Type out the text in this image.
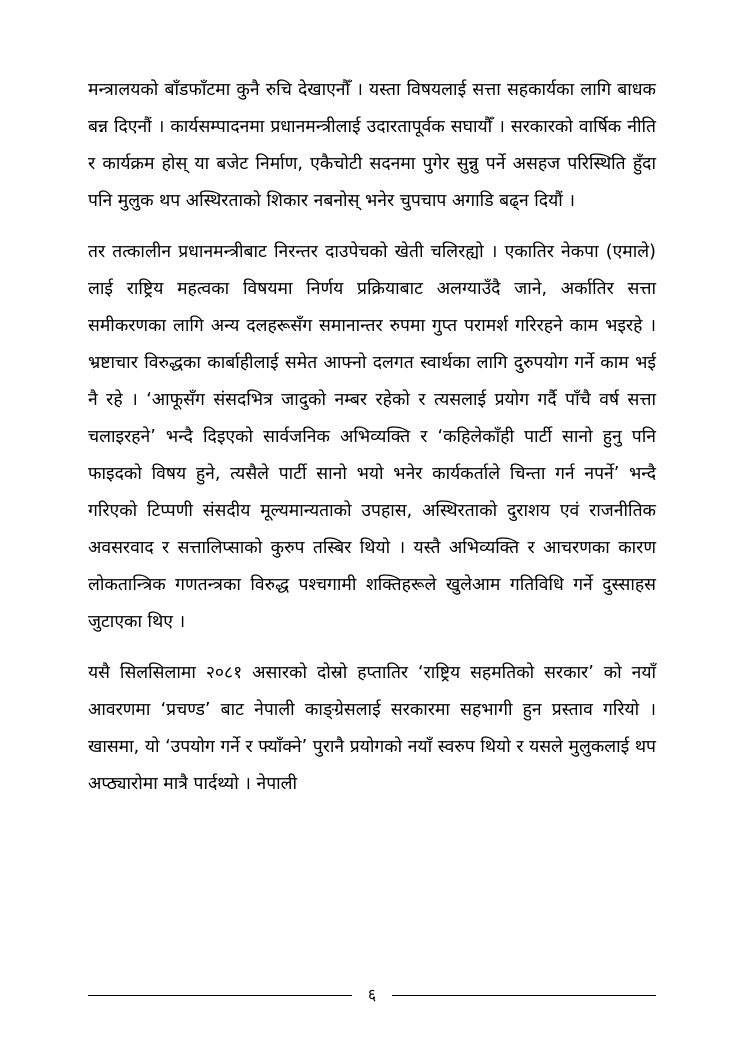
मन्त्रालयको बाँडफाँटमा कुनै रुचि देखाएनौँ । यस्ता विषयलाई सत्ता सहकार्यका लागि बाधक बन्न दिएनौं । कार्यसम्पादनमा प्रधानमन्त्रीलाई उदारतापूर्वक सघायौँ । सरकारको वार्षिक नीति र कार्यक्रम होस् या बजेट निर्माण, एकैचोटी सदनमा पुगेर सुन्नु पर्ने असहज परिस्थिति हुँदा पनि मुलुक थप अस्थिरताको शिकार नबनोस् भनेर चुपचाप अगाडि बढ्न दियौं ।

तर तत्कालीन प्रधानमन्त्रीबाट निरन्तर दाउपेचको खेती चलिरह्यो । एकातिर नेकपा (एमाले) लाई राष्ट्रिय महत्वका विषयमा निर्णय प्रक्रियाबाट अलग्याउँदै जाने, अर्कातिर सत्ता समीकरणका लागि अन्य दलहरूसँग समानान्तर रुपमा गुप्त परामर्श गरिरहने काम भइरहे । भ्रष्टाचार विरुद्धका कार्बाहीलाई समेत आफ्नो दलगत स्वार्थका लागि दुरुपयोग गर्ने काम भई नै रहे । ‘आफूसँग संसदभित्र जादुको नम्बर रहेको र त्यसलाई प्रयोग गर्दै पाँचै वर्ष सत्ता चलाइरहने’ भन्दै दिइएको सार्वजनिक अभिव्यक्ति र ‘कहिलेकाँही पार्टी सानो हुनु पनि फाइदको विषय हुने, त्यसैले पार्टी सानो भयो भनेर कार्यकर्ताले चिन्ता गर्न नपर्ने’ भन्दै गरिएको टिप्पणी संसदीय मूल्यमान्यताको उपहास, अस्थिरताको दुराशय एवं राजनीतिक अवसरवाद र सत्तालिप्साको कुरुप तस्बिर थियो । यस्तै अभिव्यक्ति र आचरणका कारण लोकतान्त्रिक गणतन्त्रका विरुद्ध पश्चगामी शक्तिहरूले खुलेआम गतिविधि गर्ने दुस्साहस जुटाएका थिए ।

यसै सिलसिलामा २०८१ असारको दोस्रो हप्तातिर ‘राष्ट्रिय सहमतिको सरकार’ को नयाँ आवरणमा ‘प्रचण्ड’ बाट नेपाली काङ्ग्रेसलाई सरकारमा सहभागी हुन प्रस्ताव गरियो । खासमा, यो ‘उपयोग गर्ने र फ्याँक्ने’ पुरानै प्रयोगको नयाँ स्वरुप थियो र यसले मुलुकलाई थप अप्ठ्यारोमा मात्रै पार्दथ्यो । नेपाली

६
